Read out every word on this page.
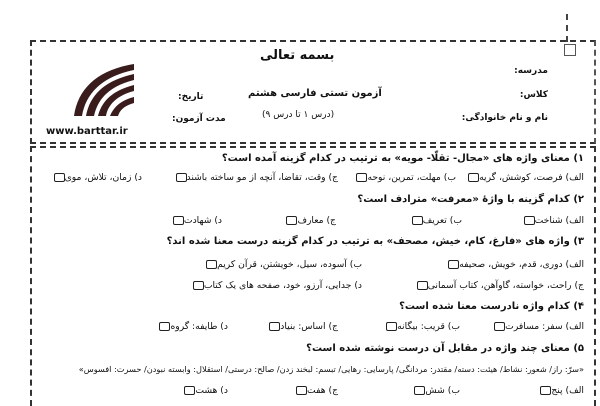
www.barttar.ir
بسمه تعالی
مدرسه:
کلاس:
نام و نام خانوادگی:
آزمون تستی فارسی هشتم
(درس ۱ تا درس ۹)
تاریخ:
مدت آزمون:
۱) معنای واژه های «مجال- تقلّا- مویه» به ترتیب در کدام گزینه آمده است؟
الف) فرصت، کوشش، گریه
ب) مهلت، تمرین، نوحه
ج) وقت، تقاضا، آنچه از مو ساخته باشند
د) زمان، تلاش، موی
۲) کدام گزینه با واژهٔ «معرفت» مترادف است؟
الف) شناخت
ب) تعریف
ج) معارف
د) شهادت
۳) واژه های «فارغ، کام، خیش، مصحف» به ترتیب در کدام گزینه درست معنا شده اند؟
الف) دوری، قدم، خویش، صحیفه
ب) آسوده، سیل، خویشتن، قرآن کریم
ج) راحت، خواسته، گاوآهن، کتاب آسمانی
د) جدایی، آرزو، خود، صفحه های یک کتاب
۴) کدام واژه نادرست معنا شده است؟
الف) سفر: مسافرت
ب) قریب: بیگانه
ج) اساس: بنیاد
د) طایفه: گروه
۵) معنای چند واژه در مقابل آن درست نوشته شده است؟
«سرّ: راز/ شعور: نشاط/ هیئت: دسته/ مقتدر: مردانگی/ پارسایی: رهایی/ تبسم: لبخند زدن/ صالح: درستی/ استقلال: وابسته نبودن/ حسرت: افسوس»
الف) پنج
ب) شش
ج) هفت
د) هشت
